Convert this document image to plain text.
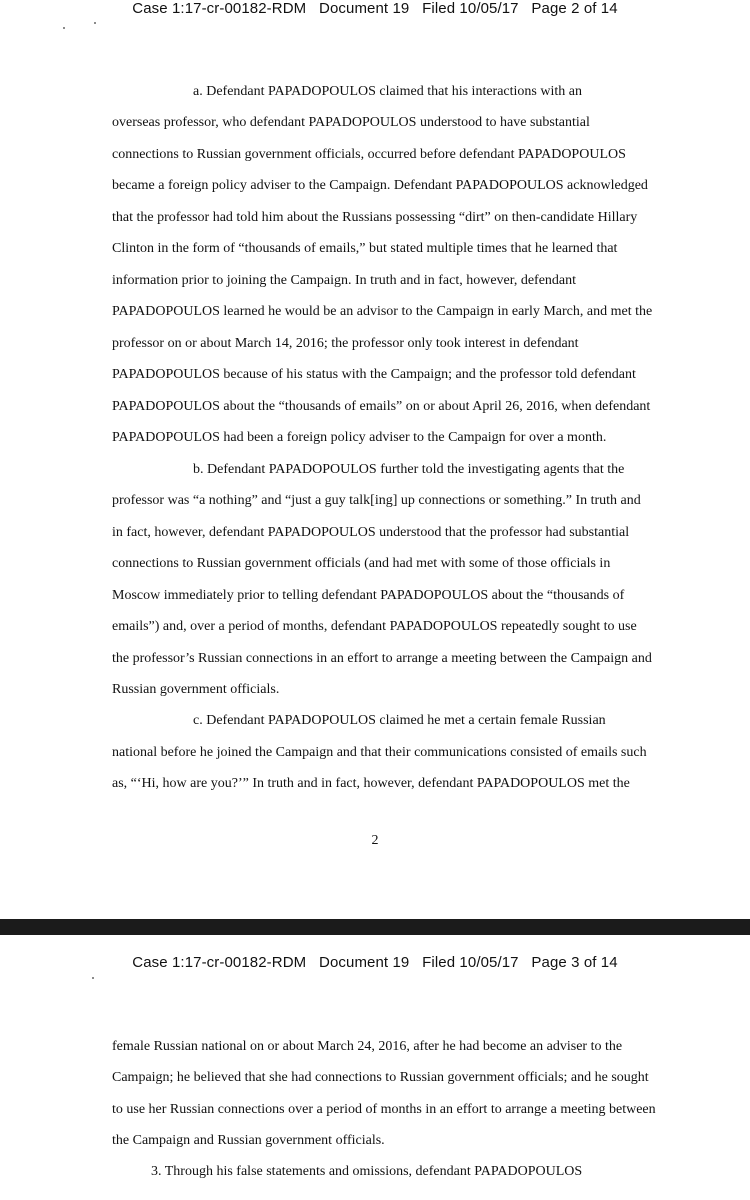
Case 1:17-cr-00182-RDM   Document 19   Filed 10/05/17   Page 2 of 14
a. Defendant PAPADOPOULOS claimed that his interactions with an
overseas professor, who defendant PAPADOPOULOS understood to have substantial
connections to Russian government officials, occurred before defendant PAPADOPOULOS
became a foreign policy adviser to the Campaign. Defendant PAPADOPOULOS acknowledged
that the professor had told him about the Russians possessing “dirt” on then-candidate Hillary
Clinton in the form of “thousands of emails,” but stated multiple times that he learned that
information prior to joining the Campaign. In truth and in fact, however, defendant
PAPADOPOULOS learned he would be an advisor to the Campaign in early March, and met the
professor on or about March 14, 2016; the professor only took interest in defendant
PAPADOPOULOS because of his status with the Campaign; and the professor told defendant
PAPADOPOULOS about the “thousands of emails” on or about April 26, 2016, when defendant
PAPADOPOULOS had been a foreign policy adviser to the Campaign for over a month.
b. Defendant PAPADOPOULOS further told the investigating agents that the
professor was “a nothing” and “just a guy talk[ing] up connections or something.” In truth and
in fact, however, defendant PAPADOPOULOS understood that the professor had substantial
connections to Russian government officials (and had met with some of those officials in
Moscow immediately prior to telling defendant PAPADOPOULOS about the “thousands of
emails”) and, over a period of months, defendant PAPADOPOULOS repeatedly sought to use
the professor’s Russian connections in an effort to arrange a meeting between the Campaign and
Russian government officials.
c. Defendant PAPADOPOULOS claimed he met a certain female Russian
national before he joined the Campaign and that their communications consisted of emails such
as, “‘Hi, how are you?’” In truth and in fact, however, defendant PAPADOPOULOS met the
2
Case 1:17-cr-00182-RDM   Document 19   Filed 10/05/17   Page 3 of 14
female Russian national on or about March 24, 2016, after he had become an adviser to the
Campaign; he believed that she had connections to Russian government officials; and he sought
to use her Russian connections over a period of months in an effort to arrange a meeting between
the Campaign and Russian government officials.
3. Through his false statements and omissions, defendant PAPADOPOULOS
